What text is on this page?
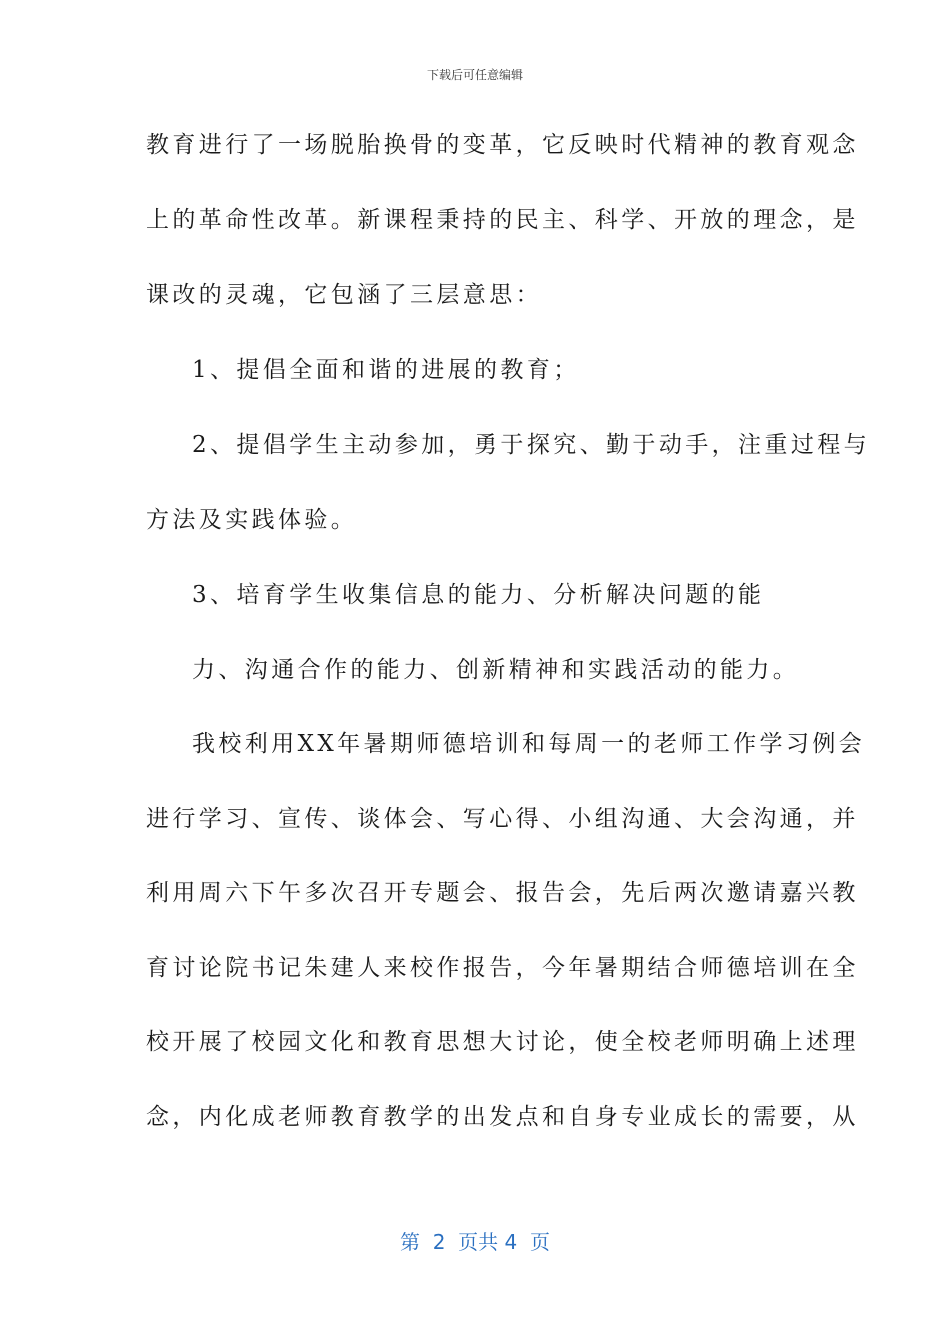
下载后可任意编辑
教育进行了一场脱胎换骨的变革，它反映时代精神的教育观念
上的革命性改革。新课程秉持的民主、科学、开放的理念，是
课改的灵魂，它包涵了三层意思：
1、提倡全面和谐的进展的教育；
2、提倡学生主动参加，勇于探究、勤于动手，注重过程与
方法及实践体验。
3、培育学生收集信息的能力、分析解决问题的能
力、沟通合作的能力、创新精神和实践活动的能力。
我校利用XX年暑期师德培训和每周一的老师工作学习例会
进行学习、宣传、谈体会、写心得、小组沟通、大会沟通，并
利用周六下午多次召开专题会、报告会，先后两次邀请嘉兴教
育讨论院书记朱建人来校作报告，今年暑期结合师德培训在全
校开展了校园文化和教育思想大讨论，使全校老师明确上述理
念，内化成老师教育教学的出发点和自身专业成长的需要，从
第  2  页共 4  页
